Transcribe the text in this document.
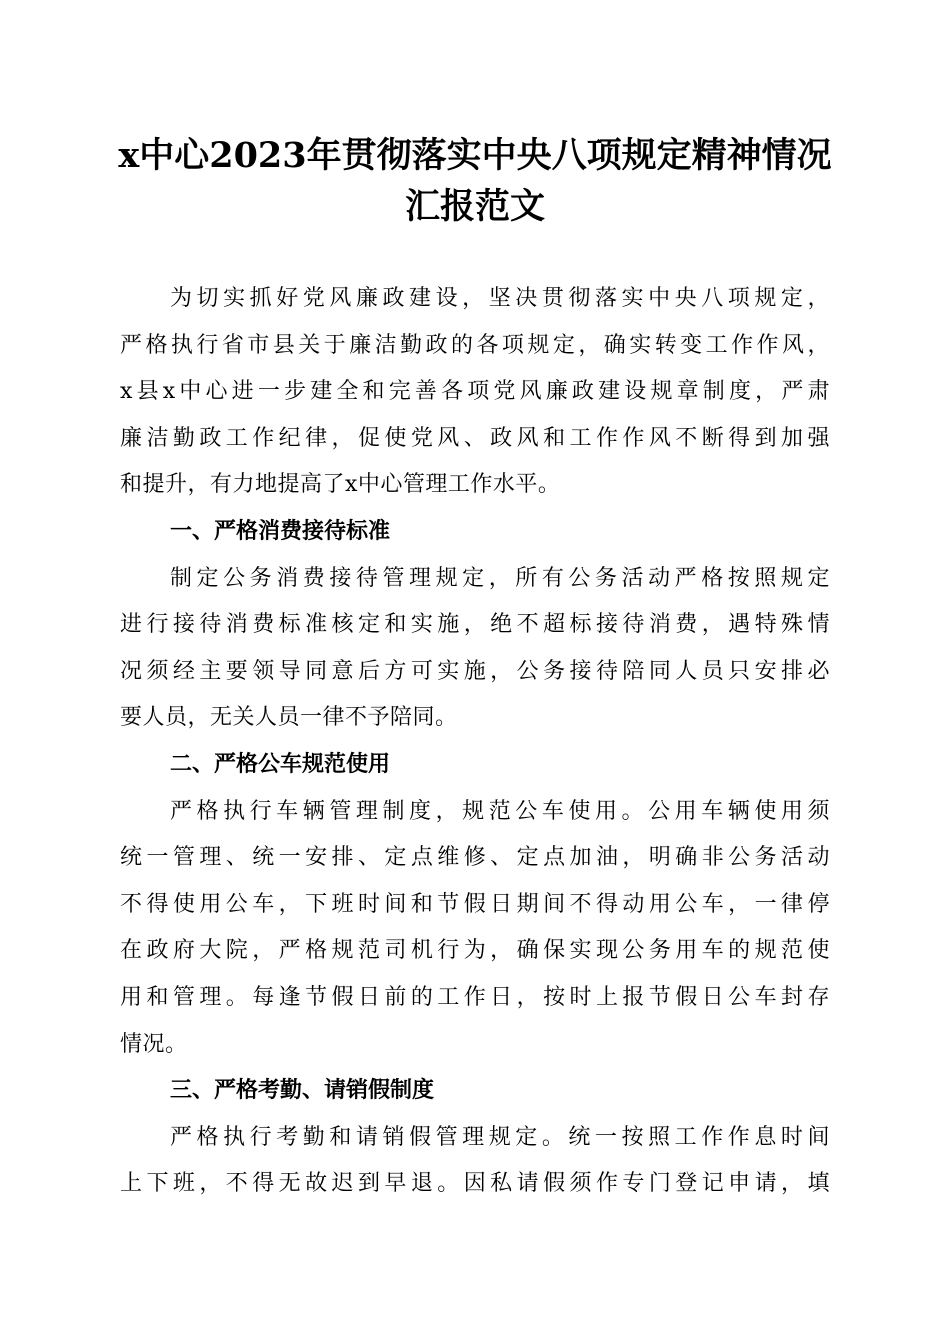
x中心2023年贯彻落实中央八项规定精神情况
汇报范文
为切实抓好党风廉政建设，坚决贯彻落实中央八项规定，
严格执行省市县关于廉洁勤政的各项规定，确实转变工作作风，
x县x中心进一步建全和完善各项党风廉政建设规章制度，严肃
廉洁勤政工作纪律，促使党风、政风和工作作风不断得到加强
和提升，有力地提高了x中心管理工作水平。
一、严格消费接待标准
制定公务消费接待管理规定，所有公务活动严格按照规定
进行接待消费标准核定和实施，绝不超标接待消费，遇特殊情
况须经主要领导同意后方可实施，公务接待陪同人员只安排必
要人员，无关人员一律不予陪同。
二、严格公车规范使用
严格执行车辆管理制度，规范公车使用。公用车辆使用须
统一管理、统一安排、定点维修、定点加油，明确非公务活动
不得使用公车，下班时间和节假日期间不得动用公车，一律停
在政府大院，严格规范司机行为，确保实现公务用车的规范使
用和管理。每逢节假日前的工作日，按时上报节假日公车封存
情况。
三、严格考勤、请销假制度
严格执行考勤和请销假管理规定。统一按照工作作息时间
上下班，不得无故迟到早退。因私请假须作专门登记申请，填
